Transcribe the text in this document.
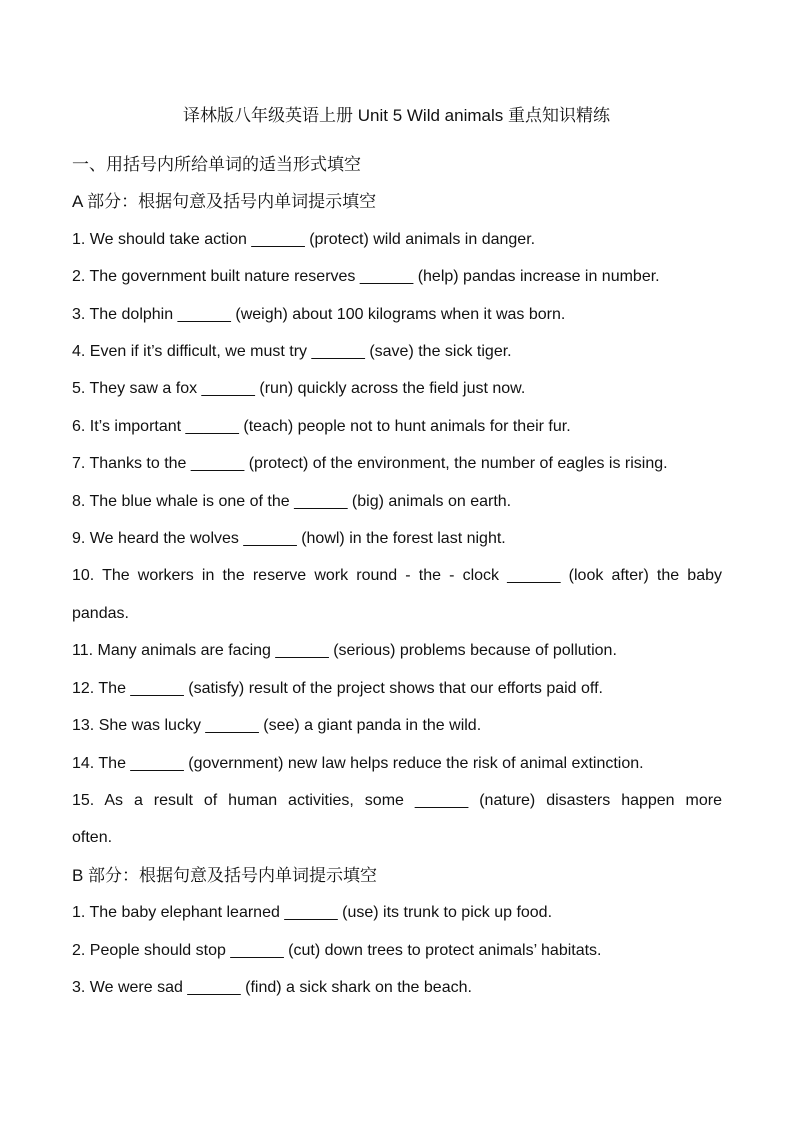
译林版八年级英语上册 Unit 5 Wild animals 重点知识精练
一、用括号内所给单词的适当形式填空
A 部分：根据句意及括号内单词提示填空
1. We should take action ______ (protect) wild animals in danger.
2. The government built nature reserves ______ (help) pandas increase in number.
3. The dolphin ______ (weigh) about 100 kilograms when it was born.
4. Even if it’s difficult, we must try ______ (save) the sick tiger.
5. They saw a fox ______ (run) quickly across the field just now.
6. It’s important ______ (teach) people not to hunt animals for their fur.
7. Thanks to the ______ (protect) of the environment, the number of eagles is rising.
8. The blue whale is one of the ______ (big) animals on earth.
9. We heard the wolves ______ (howl) in the forest last night.
10. The workers in the reserve work round - the - clock ______ (look after) the baby
pandas.
11. Many animals are facing ______ (serious) problems because of pollution.
12. The ______ (satisfy) result of the project shows that our efforts paid off.
13. She was lucky ______ (see) a giant panda in the wild.
14. The ______ (government) new law helps reduce the risk of animal extinction.
15. As a result of human activities, some ______ (nature) disasters happen more
often.
B 部分：根据句意及括号内单词提示填空
1. The baby elephant learned ______ (use) its trunk to pick up food.
2. People should stop ______ (cut) down trees to protect animals’ habitats.
3. We were sad ______ (find) a sick shark on the beach.
